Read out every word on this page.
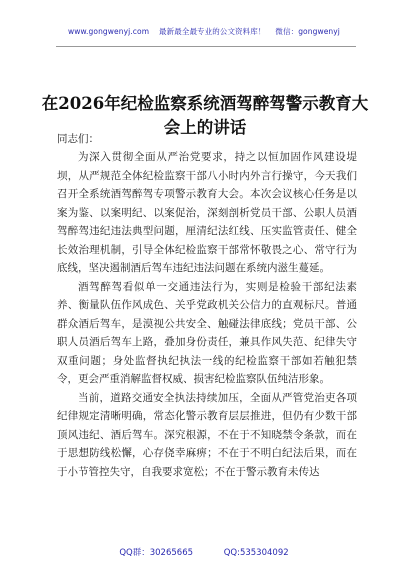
www.gongwenyj.com 最新最全最专业的公文资料库！ 微信：gongwenyj
在2026年纪检监察系统酒驾醉驾警示教育大会上的讲话
同志们：

为深入贯彻全面从严治党要求，持之以恒加固作风建设堤坝，从严规范全体纪检监察干部八小时内外言行操守，今天我们召开全系统酒驾醉驾专项警示教育大会。本次会议核心任务是以案为鉴、以案明纪、以案促治，深刻剖析党员干部、公职人员酒驾醉驾违纪违法典型问题，厘清纪法红线、压实监管责任、健全长效治理机制，引导全体纪检监察干部常怀敬畏之心、常守行为底线，坚决遏制酒后驾车违纪违法问题在系统内滋生蔓延。

酒驾醉驾看似单一交通违法行为，实则是检验干部纪法素养、衡量队伍作风成色、关乎党政机关公信力的直观标尺。普通群众酒后驾车，是漠视公共安全、触碰法律底线；党员干部、公职人员酒后驾车上路，叠加身份责任，兼具作风失范、纪律失守双重问题；身处监督执纪执法一线的纪检监察干部如若触犯禁令，更会严重消解监督权威、损害纪检监察队伍纯洁形象。

当前，道路交通安全执法持续加压，全面从严管党治吏各项纪律规定清晰明确，常态化警示教育层层推进，但仍有少数干部顶风违纪、酒后驾车。深究根源，不在于不知晓禁令条款，而在于思想防线松懈，心存侥幸麻痹；不在于不明白纪法后果，而在于小节管控失守，自我要求宽松；不在于警示教育未传达

QQ群：30265665	QQ:535304092
